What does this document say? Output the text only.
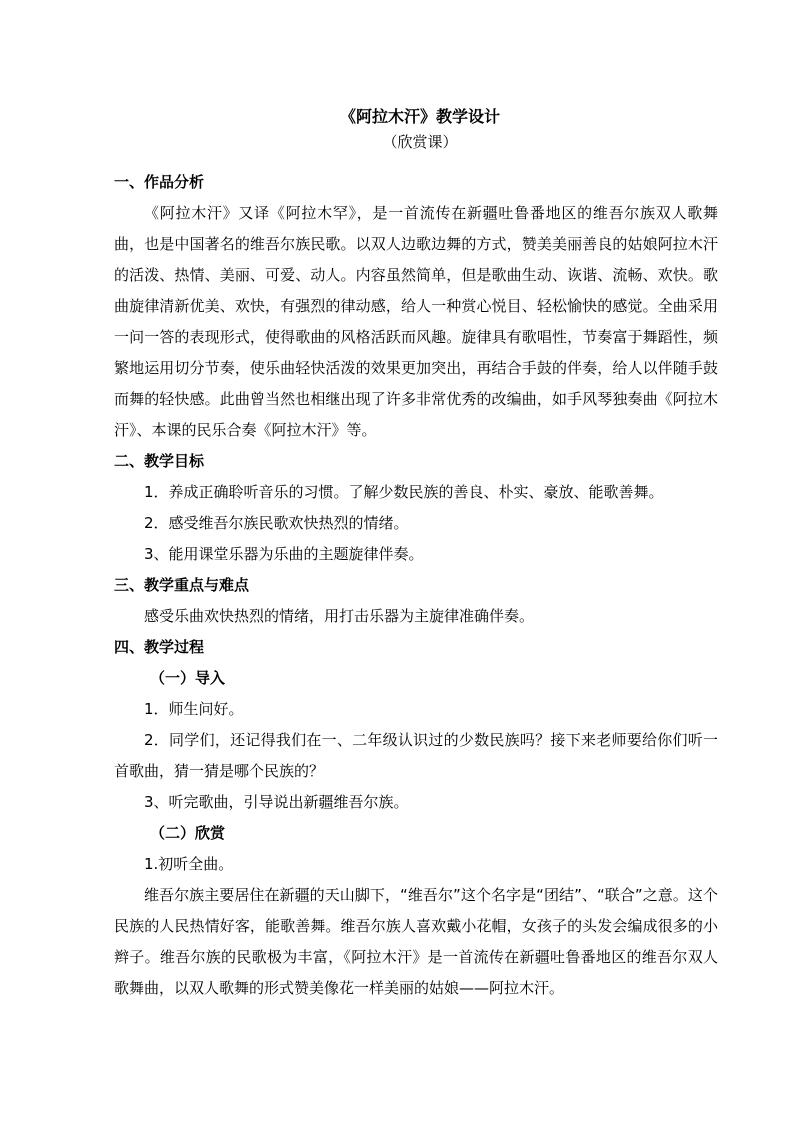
《阿拉木汗》教学设计
（欣赏课）
一、作品分析

《阿拉木汗》又译《阿拉木罕》，是一首流传在新疆吐鲁番地区的维吾尔族双人歌舞曲，也是中国著名的维吾尔族民歌。以双人边歌边舞的方式，赞美美丽善良的姑娘阿拉木汗的活泼、热情、美丽、可爱、动人。内容虽然简单，但是歌曲生动、诙谐、流畅、欢快。歌曲旋律清新优美、欢快，有强烈的律动感，给人一种赏心悦目、轻松愉快的感觉。全曲采用一问一答的表现形式，使得歌曲的风格活跃而风趣。旋律具有歌唱性，节奏富于舞蹈性，频繁地运用切分节奏，使乐曲轻快活泼的效果更加突出，再结合手鼓的伴奏，给人以伴随手鼓而舞的轻快感。此曲曾当然也相继出现了许多非常优秀的改编曲，如手风琴独奏曲《阿拉木汗》、本课的民乐合奏《阿拉木汗》等。

二、教学目标

1．养成正确聆听音乐的习惯。了解少数民族的善良、朴实、豪放、能歌善舞。

2．感受维吾尔族民歌欢快热烈的情绪。

3、能用课堂乐器为乐曲的主题旋律伴奏。

三、教学重点与难点

感受乐曲欢快热烈的情绪，用打击乐器为主旋律准确伴奏。

四、教学过程
（一）导入

1．师生问好。

2．同学们，还记得我们在一、二年级认识过的少数民族吗？接下来老师要给你们听一首歌曲，猜一猜是哪个民族的？

3、听完歌曲，引导说出新疆维吾尔族。

（二）欣赏

1.初听全曲。

维吾尔族主要居住在新疆的天山脚下，“维吾尔”这个名字是“团结”、“联合”之意。这个民族的人民热情好客，能歌善舞。维吾尔族人喜欢戴小花帽，女孩子的头发会编成很多的小辫子。维吾尔族的民歌极为丰富，《阿拉木汗》是一首流传在新疆吐鲁番地区的维吾尔双人歌舞曲，以双人歌舞的形式赞美像花一样美丽的姑娘——阿拉木汗。
